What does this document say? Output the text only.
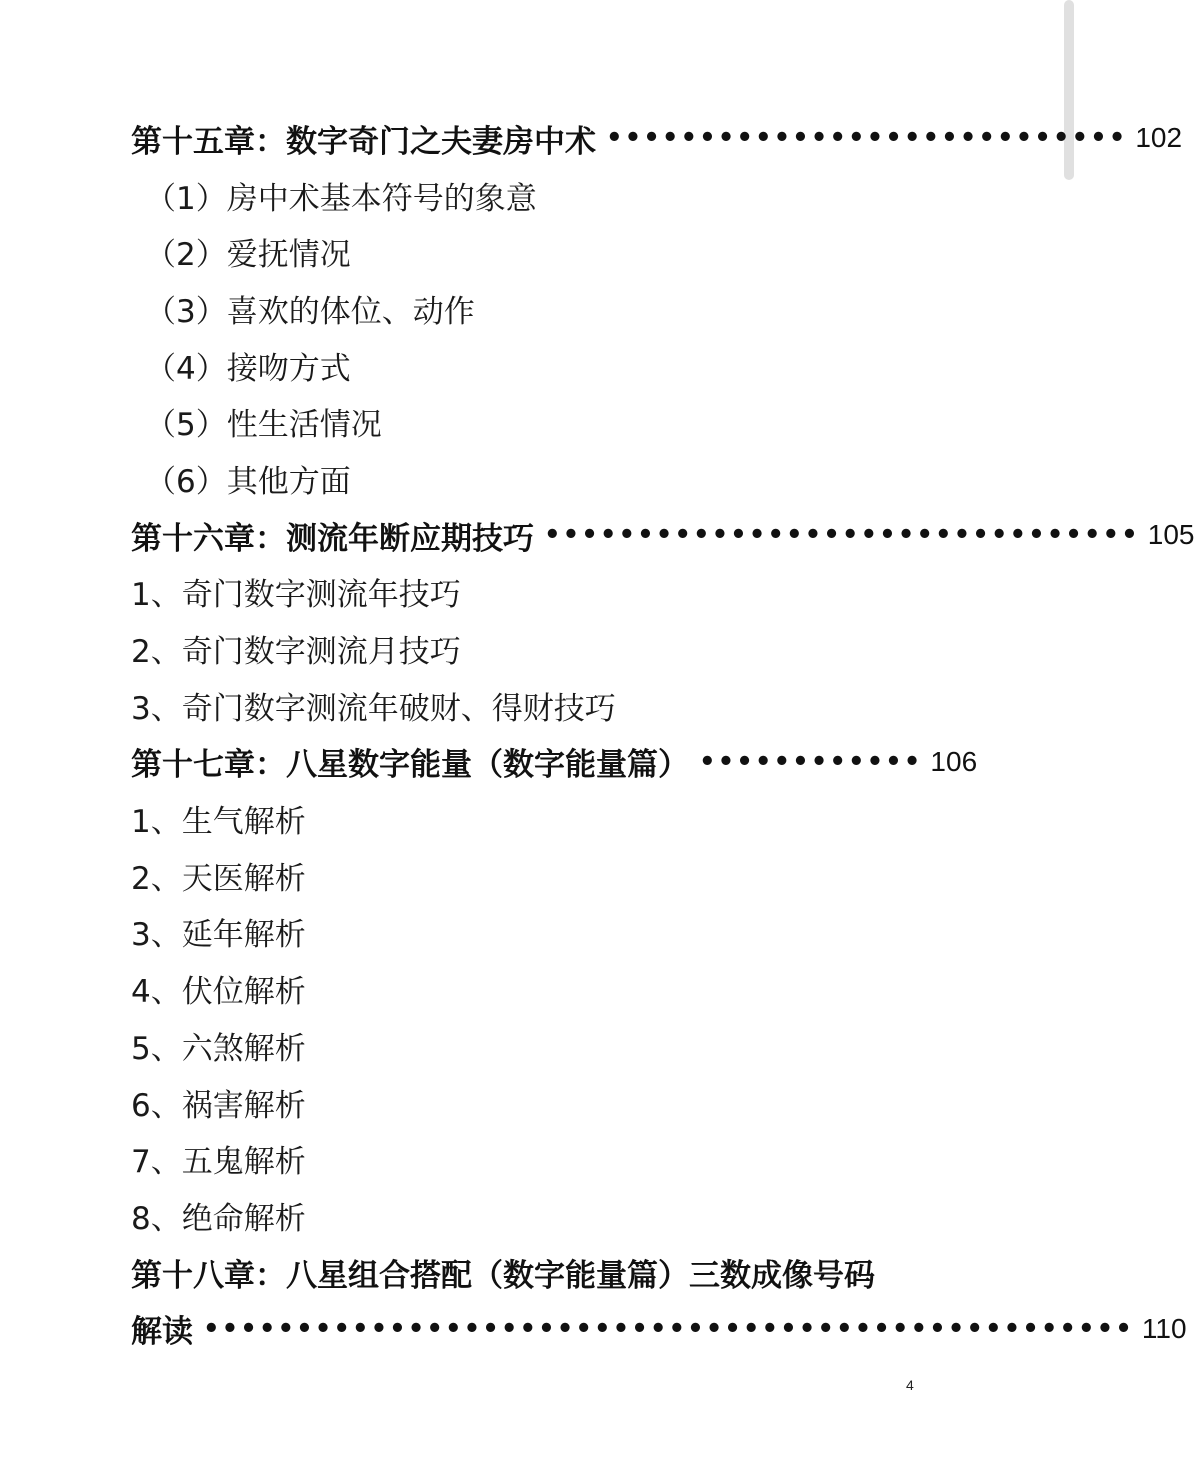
第十五章：数字奇门之夫妻房中术 •••••••••••••••••••••••••••• 102
（1）房中术基本符号的象意
（2）爱抚情况
（3）喜欢的体位、动作
（4）接吻方式
（5）性生活情况
（6）其他方面
第十六章：测流年断应期技巧 •••••••••••••••••••••••••••••••• 105
1、奇门数字测流年技巧
2、奇门数字测流月技巧
3、奇门数字测流年破财、得财技巧
第十七章：八星数字能量（数字能量篇） •••••••••••• 106
1、生气解析
2、天医解析
3、延年解析
4、伏位解析
5、六煞解析
6、祸害解析
7、五鬼解析
8、绝命解析
第十八章：八星组合搭配（数字能量篇）三数成像号码
解读 •••••••••••••••••••••••••••••••••••••••••••••••••• 110
4
